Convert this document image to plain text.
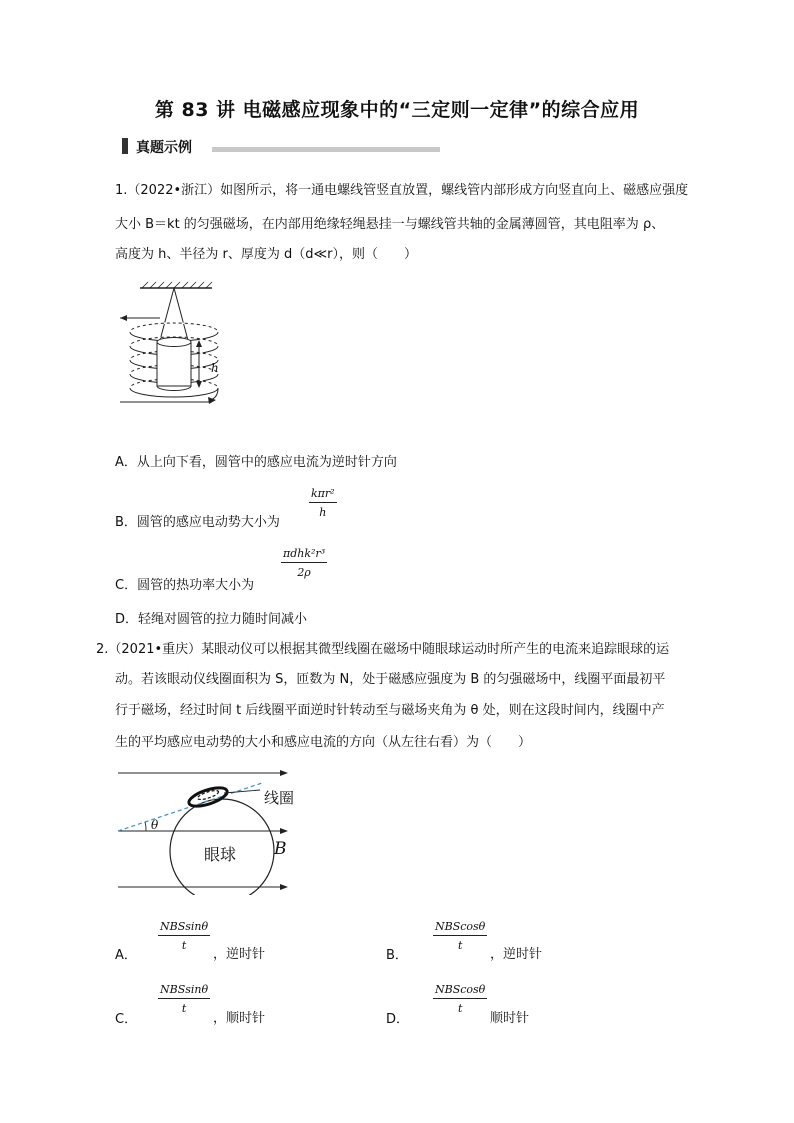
第 83 讲 电磁感应现象中的“三定则一定律”的综合应用
真题示例
1.（2022•浙江）如图所示，将一通电螺线管竖直放置，螺线管内部形成方向竖直向上、磁感应强度
大小 B＝kt 的匀强磁场，在内部用绝缘轻绳悬挂一与螺线管共轴的金属薄圆管，其电阻率为 ρ、
高度为 h、半径为 r、厚度为 d（d≪r），则（　　）
h
A．从上向下看，圆管中的感应电流为逆时针方向
B．圆管的感应电动势大小为
kπr²
h
C．圆管的热功率大小为
πdhk²r³
2ρ
D．轻绳对圆管的拉力随时间减小
2.（2021•重庆）某眼动仪可以根据其微型线圈在磁场中随眼球运动时所产生的电流来追踪眼球的运
动。若该眼动仪线圈面积为 S，匝数为 N，处于磁感应强度为 B 的匀强磁场中，线圈平面最初平
行于磁场，经过时间 t 后线圈平面逆时针转动至与磁场夹角为 θ 处，则在这段时间内，线圈中产
生的平均感应电动势的大小和感应电流的方向（从左往右看）为（　　）
线圈
眼球 B
θ
A．
NBSsinθ
t
，逆时针	B．
NBScosθ
t
，逆时针
C．
NBSsinθ
t
，顺时针	D．
NBScosθ
t
顺时针
